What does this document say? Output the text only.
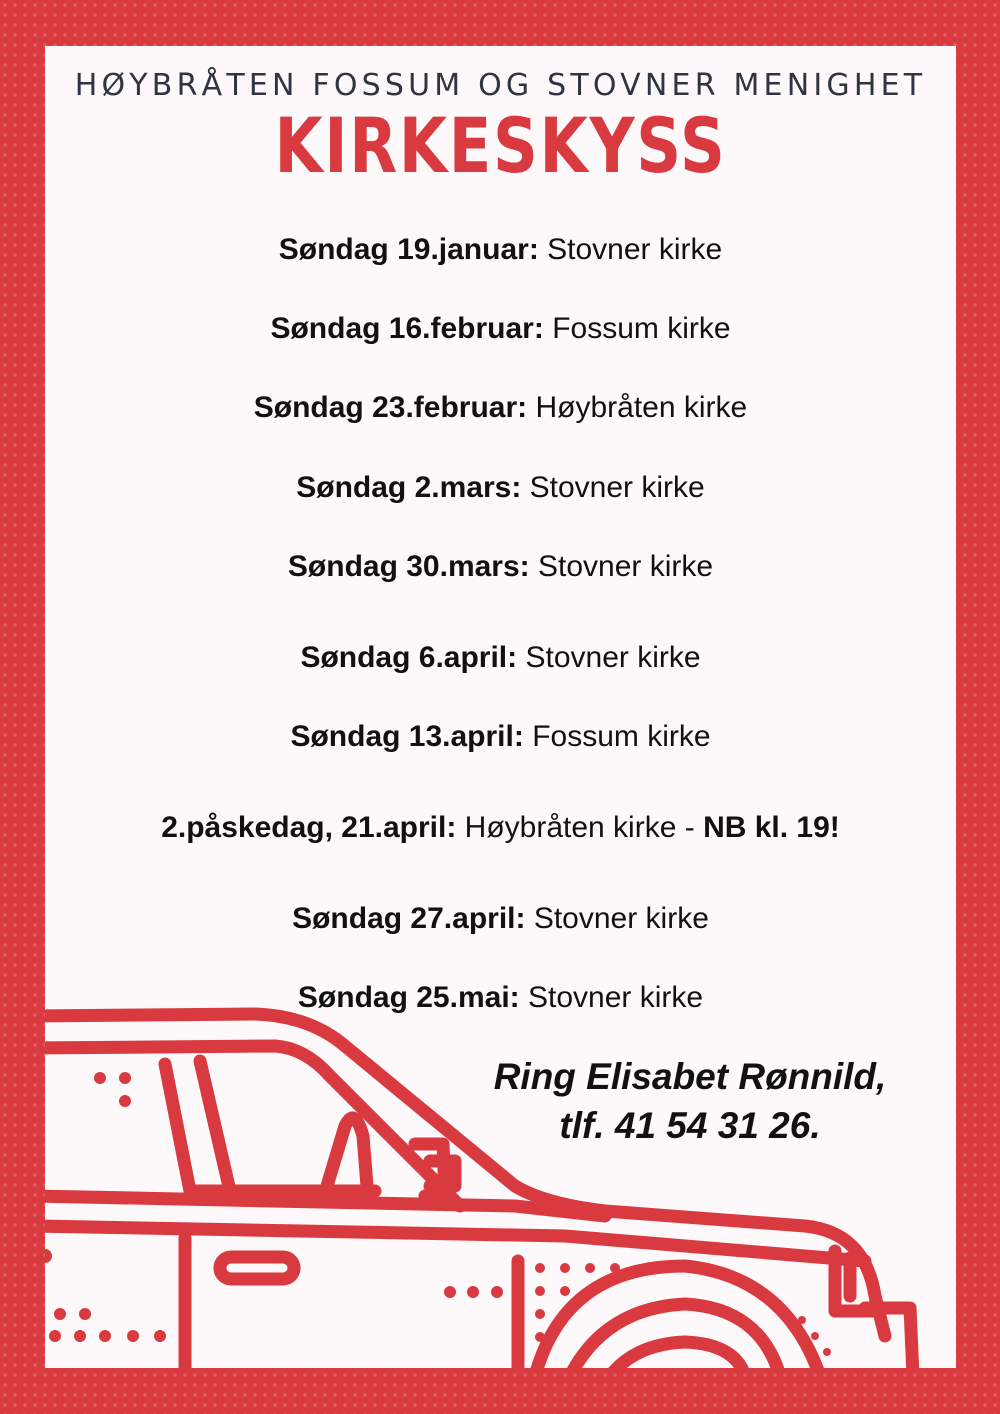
HØYBRÅTEN FOSSUM OG STOVNER MENIGHET
KIRKESKYSS
Søndag 19.januar: Stovner kirke
Søndag 16.februar: Fossum kirke
Søndag 23.februar: Høybråten kirke
Søndag 2.mars: Stovner kirke
Søndag 30.mars: Stovner kirke
Søndag 6.april: Stovner kirke
Søndag 13.april: Fossum kirke
2.påskedag, 21.april: Høybråten kirke - NB kl. 19!
Søndag 27.april: Stovner kirke
Søndag 25.mai: Stovner kirke
Ring Elisabet Rønnild,
tlf. 41 54 31 26.
